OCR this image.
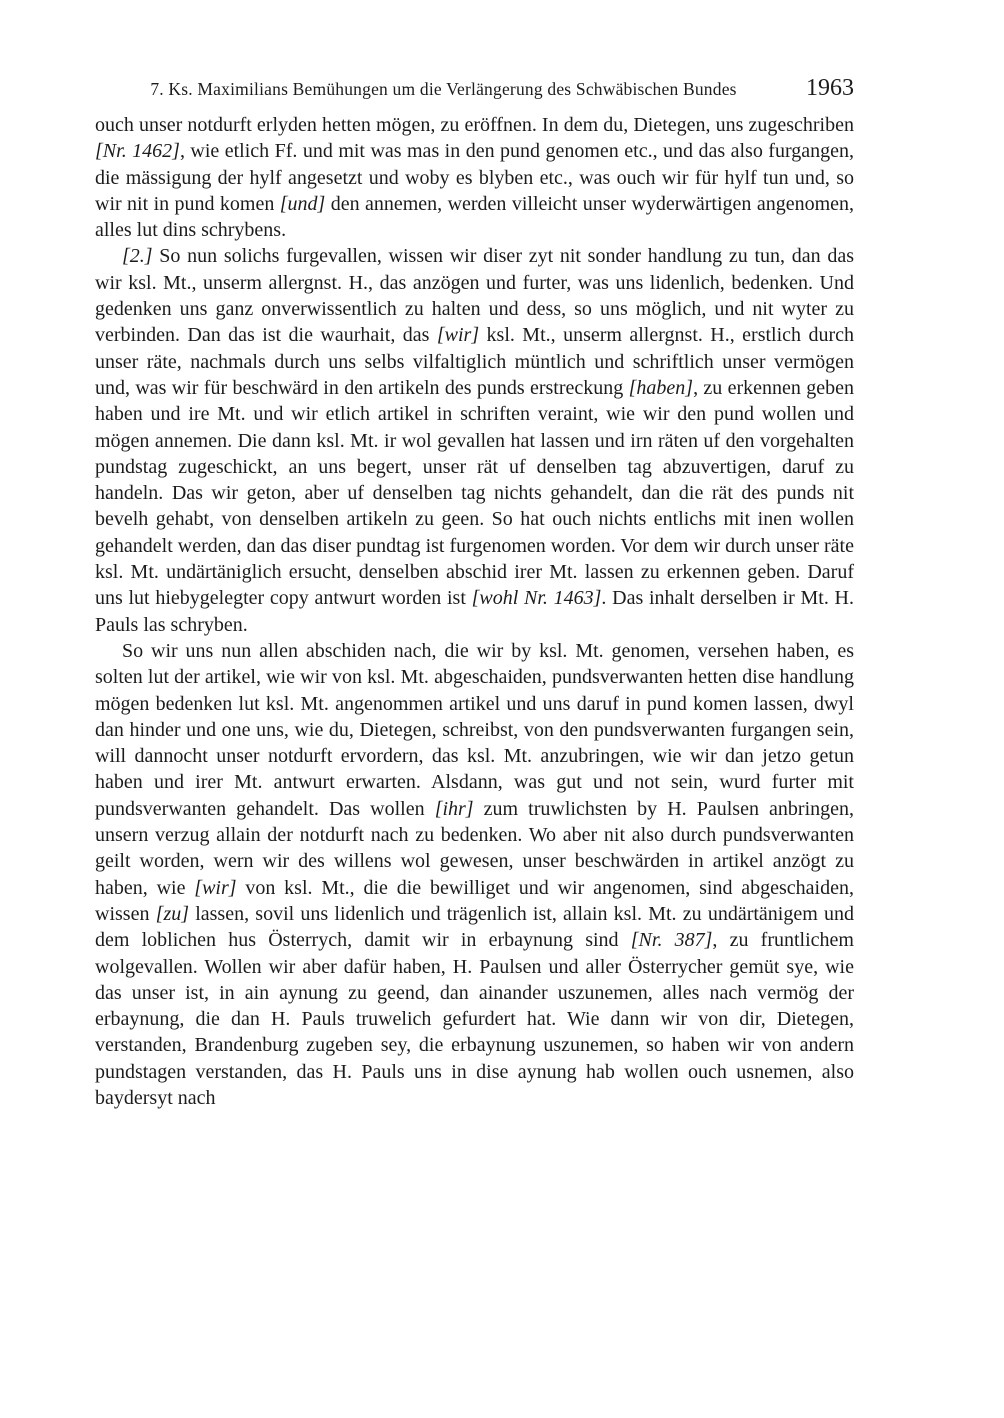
7. Ks. Maximilians Bemühungen um die Verlängerung des Schwäbischen Bundes	1963

ouch unser notdurft erlyden hetten mögen, zu eröffnen. In dem du, Dietegen, uns zugeschriben [Nr. 1462], wie etlich Ff. und mit was mas in den pund genomen etc., und das also furgangen, die mässigung der hylf angesetzt und woby es blyben etc., was ouch wir für hylf tun und, so wir nit in pund komen [und] den annemen, werden villeicht unser wyderwärtigen angenomen, alles lut dins schrybens.

[2.] So nun solichs furgevallen, wissen wir diser zyt nit sonder handlung zu tun, dan das wir ksl. Mt., unserm allergnst. H., das anzögen und furter, was uns lidenlich, bedenken. Und gedenken uns ganz onverwissentlich zu halten und dess, so uns möglich, und nit wyter zu verbinden. Dan das ist die waurhait, das [wir] ksl. Mt., unserm allergnst. H., erstlich durch unser räte, nachmals durch uns selbs vilfaltiglich müntlich und schriftlich unser vermögen und, was wir für beschwärd in den artikeln des punds erstreckung [haben], zu erkennen geben haben und ire Mt. und wir etlich artikel in schriften veraint, wie wir den pund wollen und mögen annemen. Die dann ksl. Mt. ir wol gevallen hat lassen und irn räten uf den vorgehalten pundstag zugeschickt, an uns begert, unser rät uf denselben tag abzuvertigen, daruf zu handeln. Das wir geton, aber uf denselben tag nichts gehandelt, dan die rät des punds nit bevelh gehabt, von denselben artikeln zu geen. So hat ouch nichts entlichs mit inen wollen gehandelt werden, dan das diser pundtag ist furgenomen worden. Vor dem wir durch unser räte ksl. Mt. undärtäniglich ersucht, denselben abschid irer Mt. lassen zu erkennen geben. Daruf uns lut hiebygelegter copy antwurt worden ist [wohl Nr. 1463]. Das inhalt derselben ir Mt. H. Pauls las schryben.

So wir uns nun allen abschiden nach, die wir by ksl. Mt. genomen, versehen haben, es solten lut der artikel, wie wir von ksl. Mt. abgeschaiden, pundsverwanten hetten dise handlung mögen bedenken lut ksl. Mt. angenommen artikel und uns daruf in pund komen lassen, dwyl dan hinder und one uns, wie du, Dietegen, schreibst, von den pundsverwanten furgangen sein, will dannocht unser notdurft ervordern, das ksl. Mt. anzubringen, wie wir dan jetzo getun haben und irer Mt. antwurt erwarten. Alsdann, was gut und not sein, wurd furter mit pundsverwanten gehandelt. Das wollen [ihr] zum truwlichsten by H. Paulsen anbringen, unsern verzug allain der notdurft nach zu bedenken. Wo aber nit also durch pundsverwanten geilt worden, wern wir des willens wol gewesen, unser beschwärden in artikel anzögt zu haben, wie [wir] von ksl. Mt., die die bewilliget und wir angenomen, sind abgeschaiden, wissen [zu] lassen, sovil uns lidenlich und trägenlich ist, allain ksl. Mt. zu undärtänigem und dem loblichen hus Österrych, damit wir in erbaynung sind [Nr. 387], zu fruntlichem wolgevallen. Wollen wir aber dafür haben, H. Paulsen und aller Österrycher gemüt sye, wie das unser ist, in ain aynung zu geend, dan ainander uszunemen, alles nach vermög der erbaynung, die dan H. Pauls truwelich gefurdert hat. Wie dann wir von dir, Dietegen, verstanden, Brandenburg zugeben sey, die erbaynung uszunemen, so haben wir von andern pundstagen verstanden, das H. Pauls uns in dise aynung hab wollen ouch usnemen, also baydersyt nach
